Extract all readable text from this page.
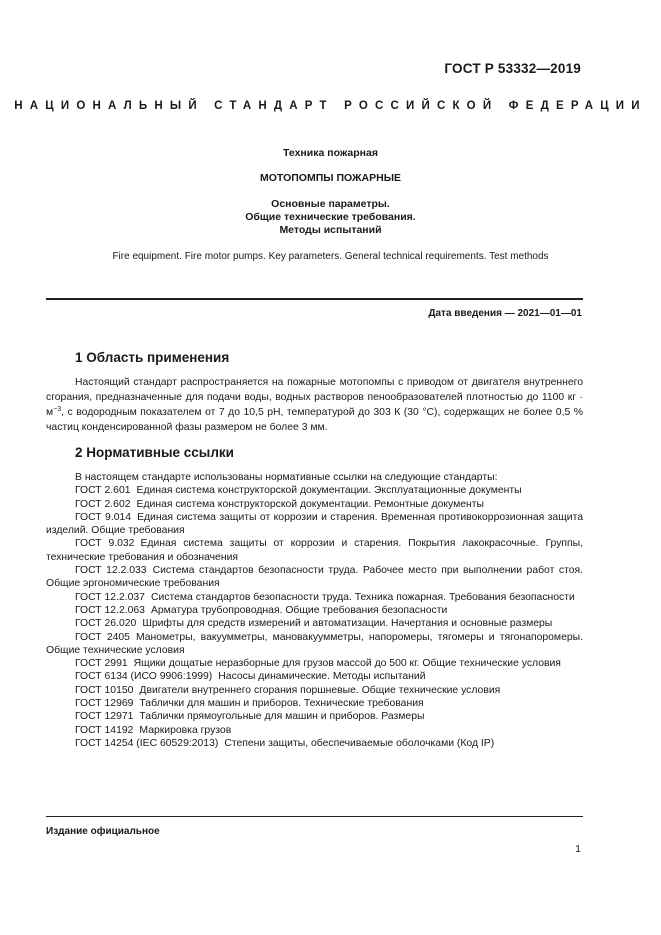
ГОСТ Р 53332—2019
НАЦИОНАЛЬНЫЙ СТАНДАРТ РОССИЙСКОЙ ФЕДЕРАЦИИ
Техника пожарная
МОТОПОМПЫ ПОЖАРНЫЕ
Основные параметры.
Общие технические требования.
Методы испытаний
Fire equipment. Fire motor pumps. Key parameters. General technical requirements. Test methods
Дата введения — 2021—01—01
1 Область применения

Настоящий стандарт распространяется на пожарные мотопомпы с приводом от двигателя внутреннего сгорания, предназначенные для подачи воды, водных растворов пенообразователей плотностью до 1100 кг · $м^{-3}$, с водородным показателем от 7 до 10,5 pH, температурой до 303 К (30 °С), содержащих не более 0,5 % частиц конденсированной фазы размером не более 3 мм.

2 Нормативные ссылки
В настоящем стандарте использованы нормативные ссылки на следующие стандарты:
ГОСТ 2.601 Единая система конструкторской документации. Эксплуатационные документы
ГОСТ 2.602 Единая система конструкторской документации. Ремонтные документы
ГОСТ 9.014 Единая система защиты от коррозии и старения. Временная противокоррозионная защита изделий. Общие требования
ГОСТ 9.032 Единая система защиты от коррозии и старения. Покрытия лакокрасочные. Группы, технические требования и обозначения
ГОСТ 12.2.033 Система стандартов безопасности труда. Рабочее место при выполнении работ стоя. Общие эргономические требования
ГОСТ 12.2.037 Система стандартов безопасности труда. Техника пожарная. Требования безопасности
ГОСТ 12.2.063 Арматура трубопроводная. Общие требования безопасности
ГОСТ 26.020 Шрифты для средств измерений и автоматизации. Начертания и основные размеры
ГОСТ 2405 Манометры, вакуумметры, мановакуумметры, напоромеры, тягомеры и тягонапоромеры. Общие технические условия
ГОСТ 2991 Ящики дощатые неразборные для грузов массой до 500 кг. Общие технические условия
ГОСТ 6134 (ИСО 9906:1999) Насосы динамические. Методы испытаний
ГОСТ 10150 Двигатели внутреннего сгорания поршневые. Общие технические условия
ГОСТ 12969 Таблички для машин и приборов. Технические требования
ГОСТ 12971 Таблички прямоугольные для машин и приборов. Размеры
ГОСТ 14192 Маркировка грузов
ГОСТ 14254 (IEC 60529:2013) Степени защиты, обеспечиваемые оболочками (Код IP)
Издание официальное
1
